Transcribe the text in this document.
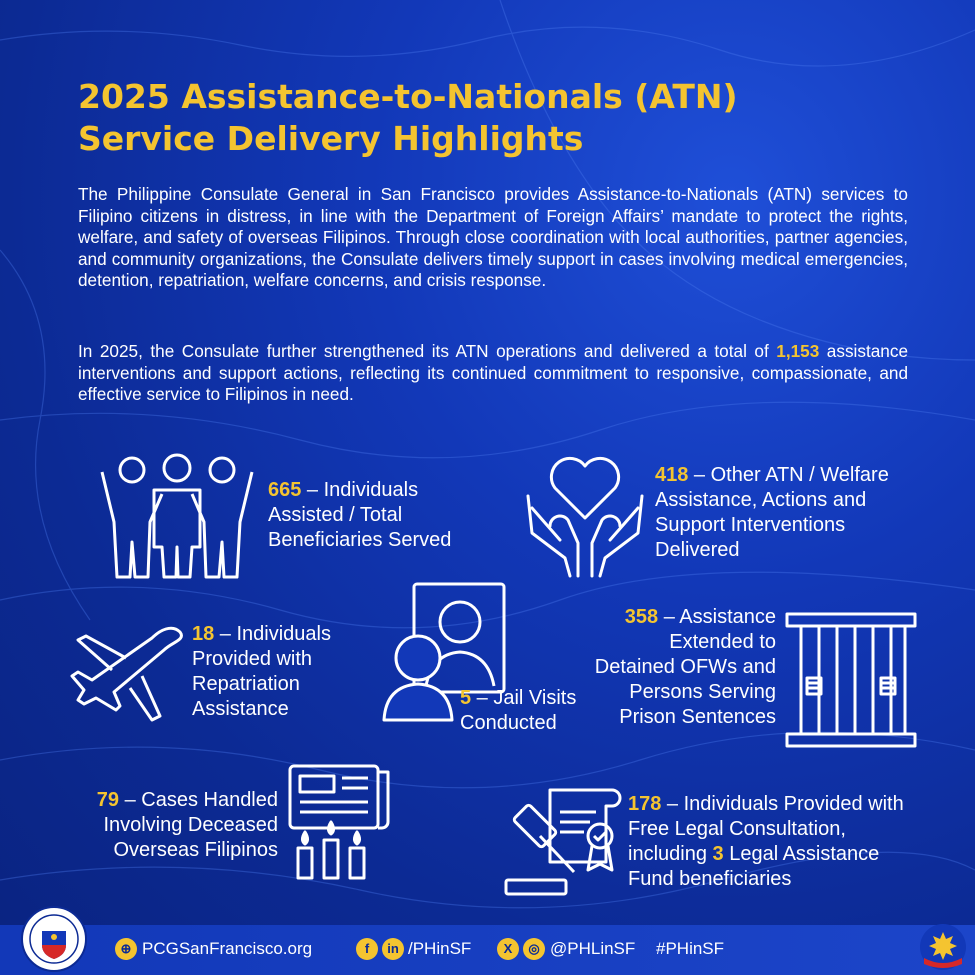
2025 Assistance-to-Nationals (ATN)
Service Delivery Highlights

The Philippine Consulate General in San Francisco provides Assistance-to-Nationals (ATN) services to Filipino citizens in distress, in line with the Department of Foreign Affairs’ mandate to protect the rights, welfare, and safety of overseas Filipinos. Through close coordination with local authorities, partner agencies, and community organizations, the Consulate delivers timely support in cases involving medical emergencies, detention, repatriation, welfare concerns, and crisis response.

In 2025, the Consulate further strengthened its ATN operations and delivered a total of 1,153 assistance interventions and support actions, reflecting its continued commitment to responsive, compassionate, and effective service to Filipinos in need.

665 – Individuals Assisted / Total Beneficiaries Served
418 – Other ATN / Welfare Assistance, Actions and Support Interventions Delivered
18 – Individuals Provided with Repatriation Assistance	5 – Jail Visits Conducted
358 – Assistance Extended to Detained OFWs and Persons Serving Prison Sentences
79 – Cases Handled Involving Deceased Overseas Filipinos
178 – Individuals Provided with Free Legal Consultation, including 3 Legal Assistance Fund beneficiaries
⊕ PCGSanFrancisco.org	f	in /PHinSF	X	◎ @PHLinSF #PHinSF
